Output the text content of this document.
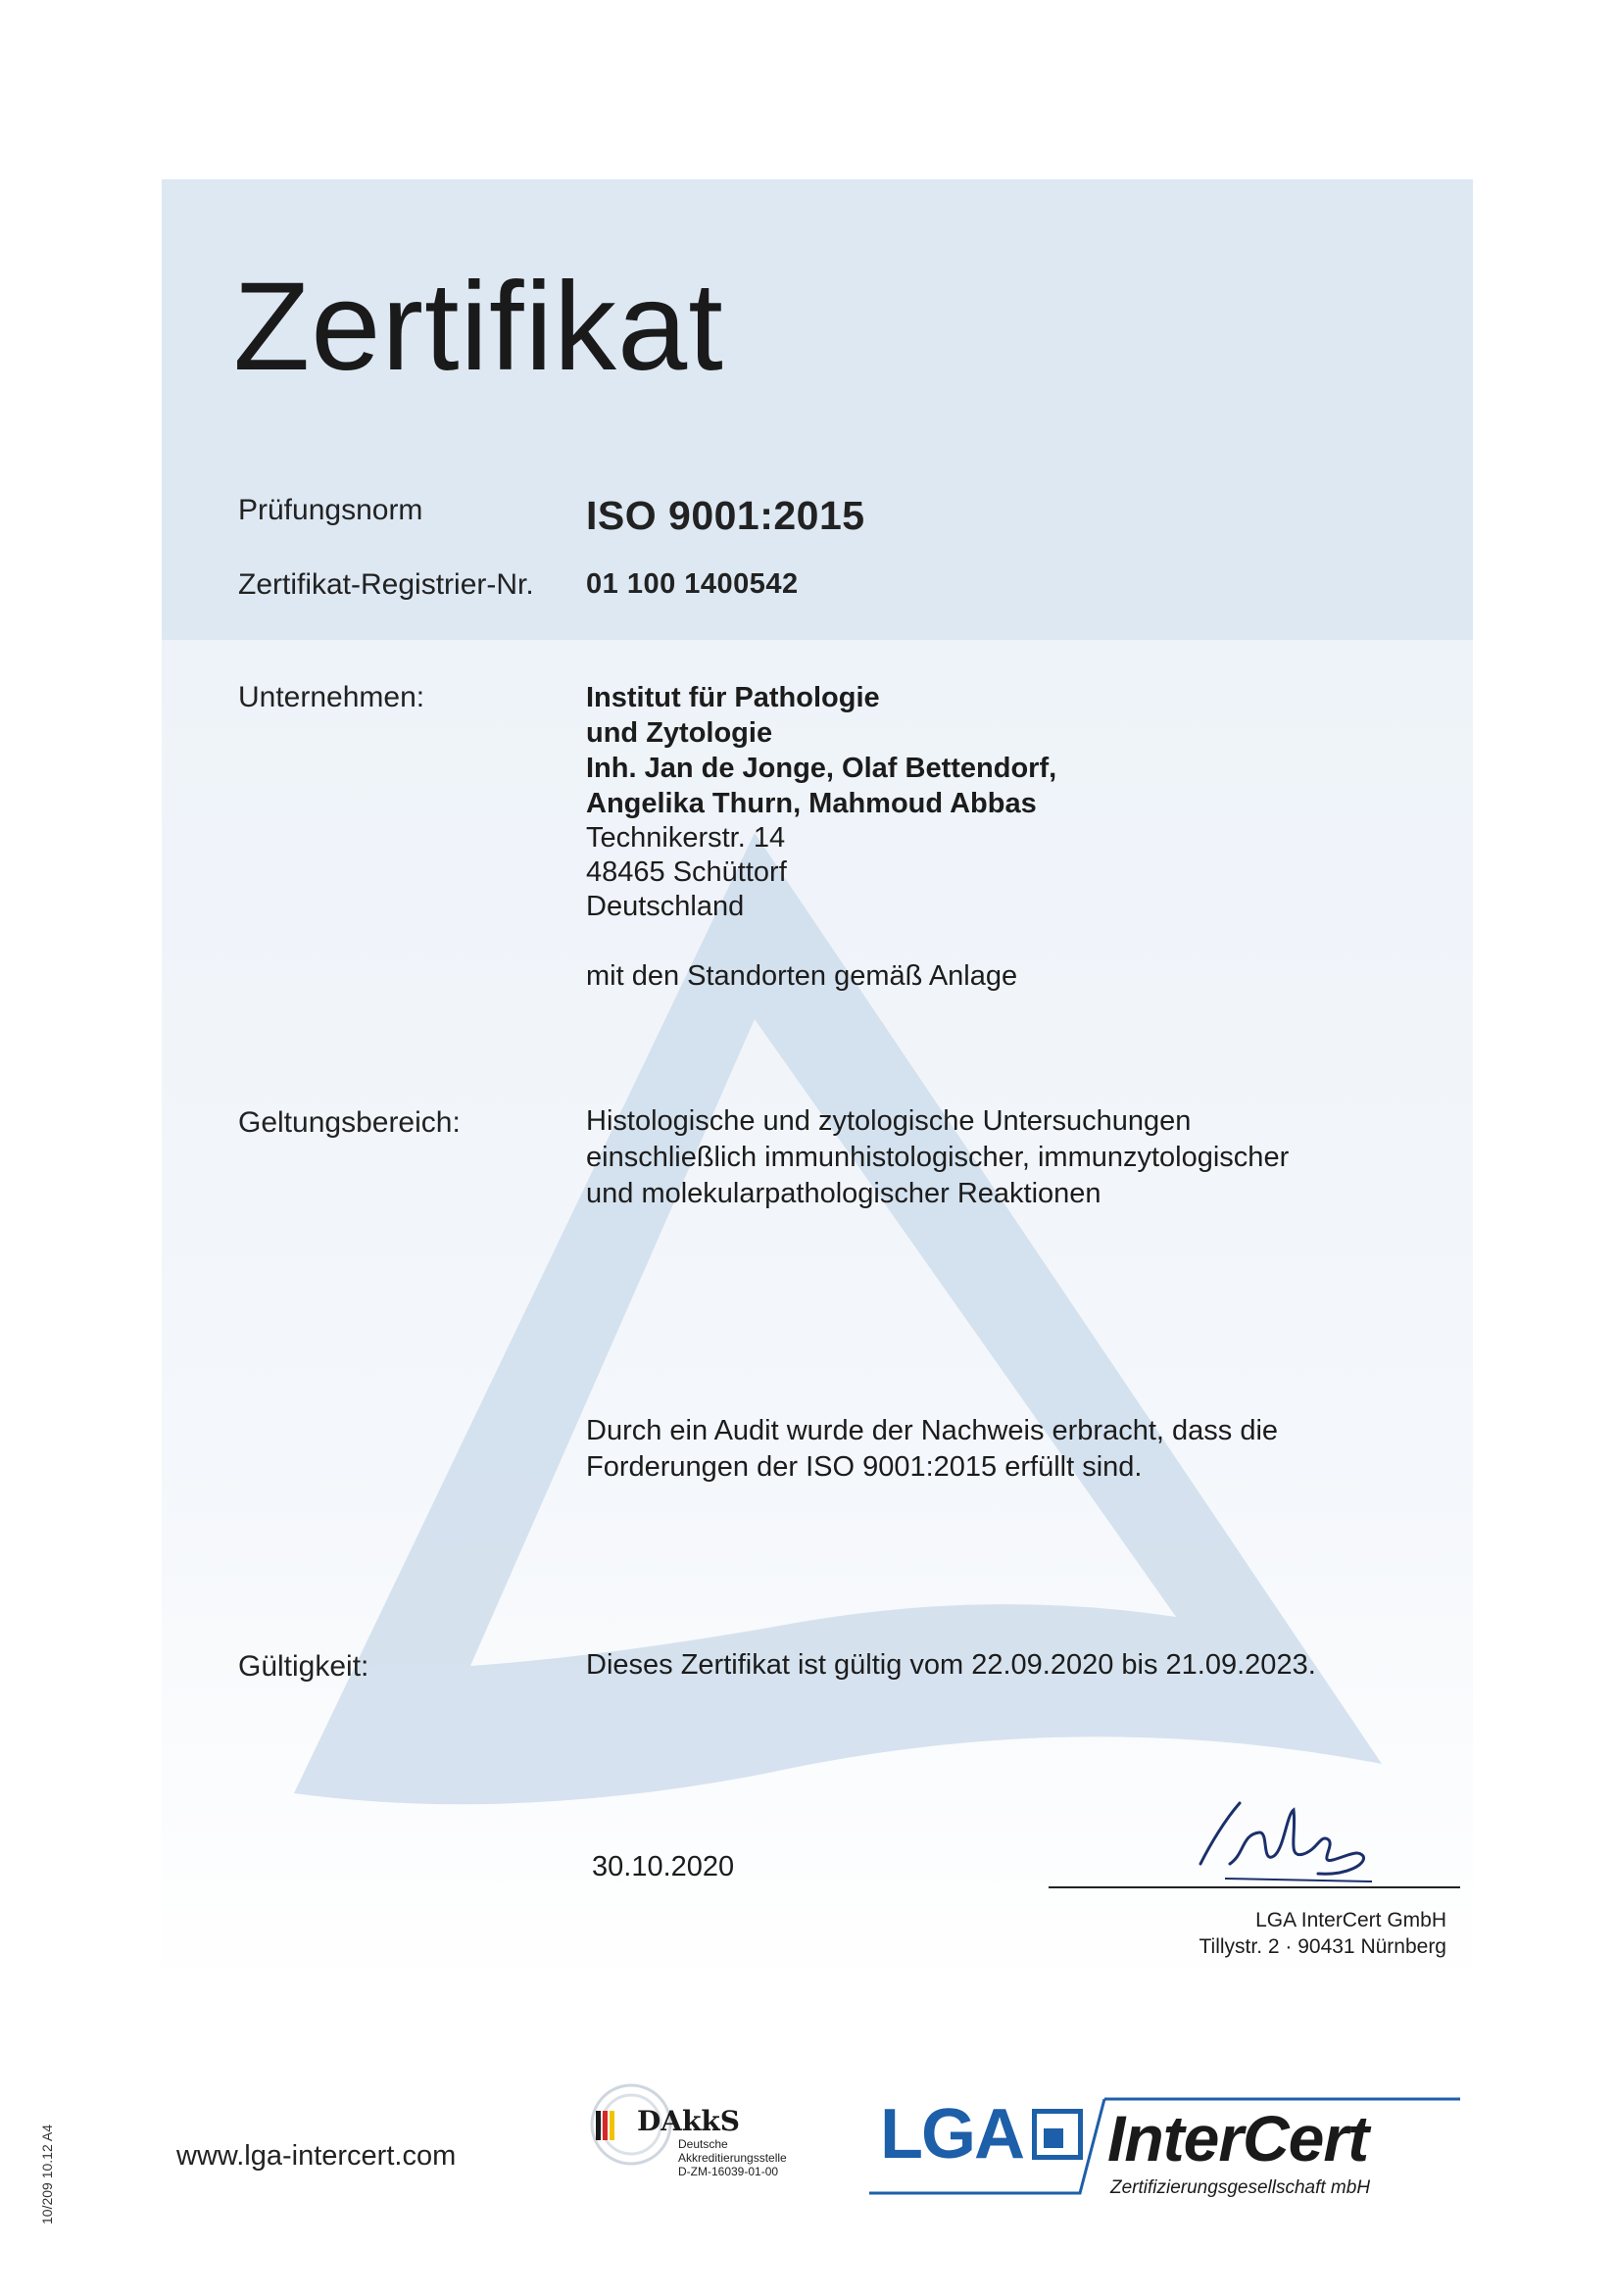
Zertifikat
Prüfungsnorm	ISO 9001:2015
Zertifikat-Registrier-Nr. 01 100 1400542
Unternehmen:	Institut für Pathologie
und Zytologie
Inh. Jan de Jonge, Olaf Bettendorf,
Angelika Thurn, Mahmoud Abbas
Technikerstr. 14
48465 Schüttorf
Deutschland
mit den Standorten gemäß Anlage
Geltungsbereich:	Histologische und zytologische Untersuchungen
einschließlich immunhistologischer, immunzytologischer
und molekularpathologischer Reaktionen
Durch ein Audit wurde der Nachweis erbracht, dass die
Forderungen der ISO 9001:2015 erfüllt sind.
Gültigkeit:	Dieses Zertifikat ist gültig vom 22.09.2020 bis 21.09.2023.
30.10.2020
LGA InterCert GmbH
Tillystr. 2 · 90431 Nürnberg
www.lga-intercert.com
10/209 10.12 A4
DAkkS
Deutsche
Akkreditierungsstelle
D-ZM-16039-01-00 LGA InterCert
Zertifizierungsgesellschaft mbH
